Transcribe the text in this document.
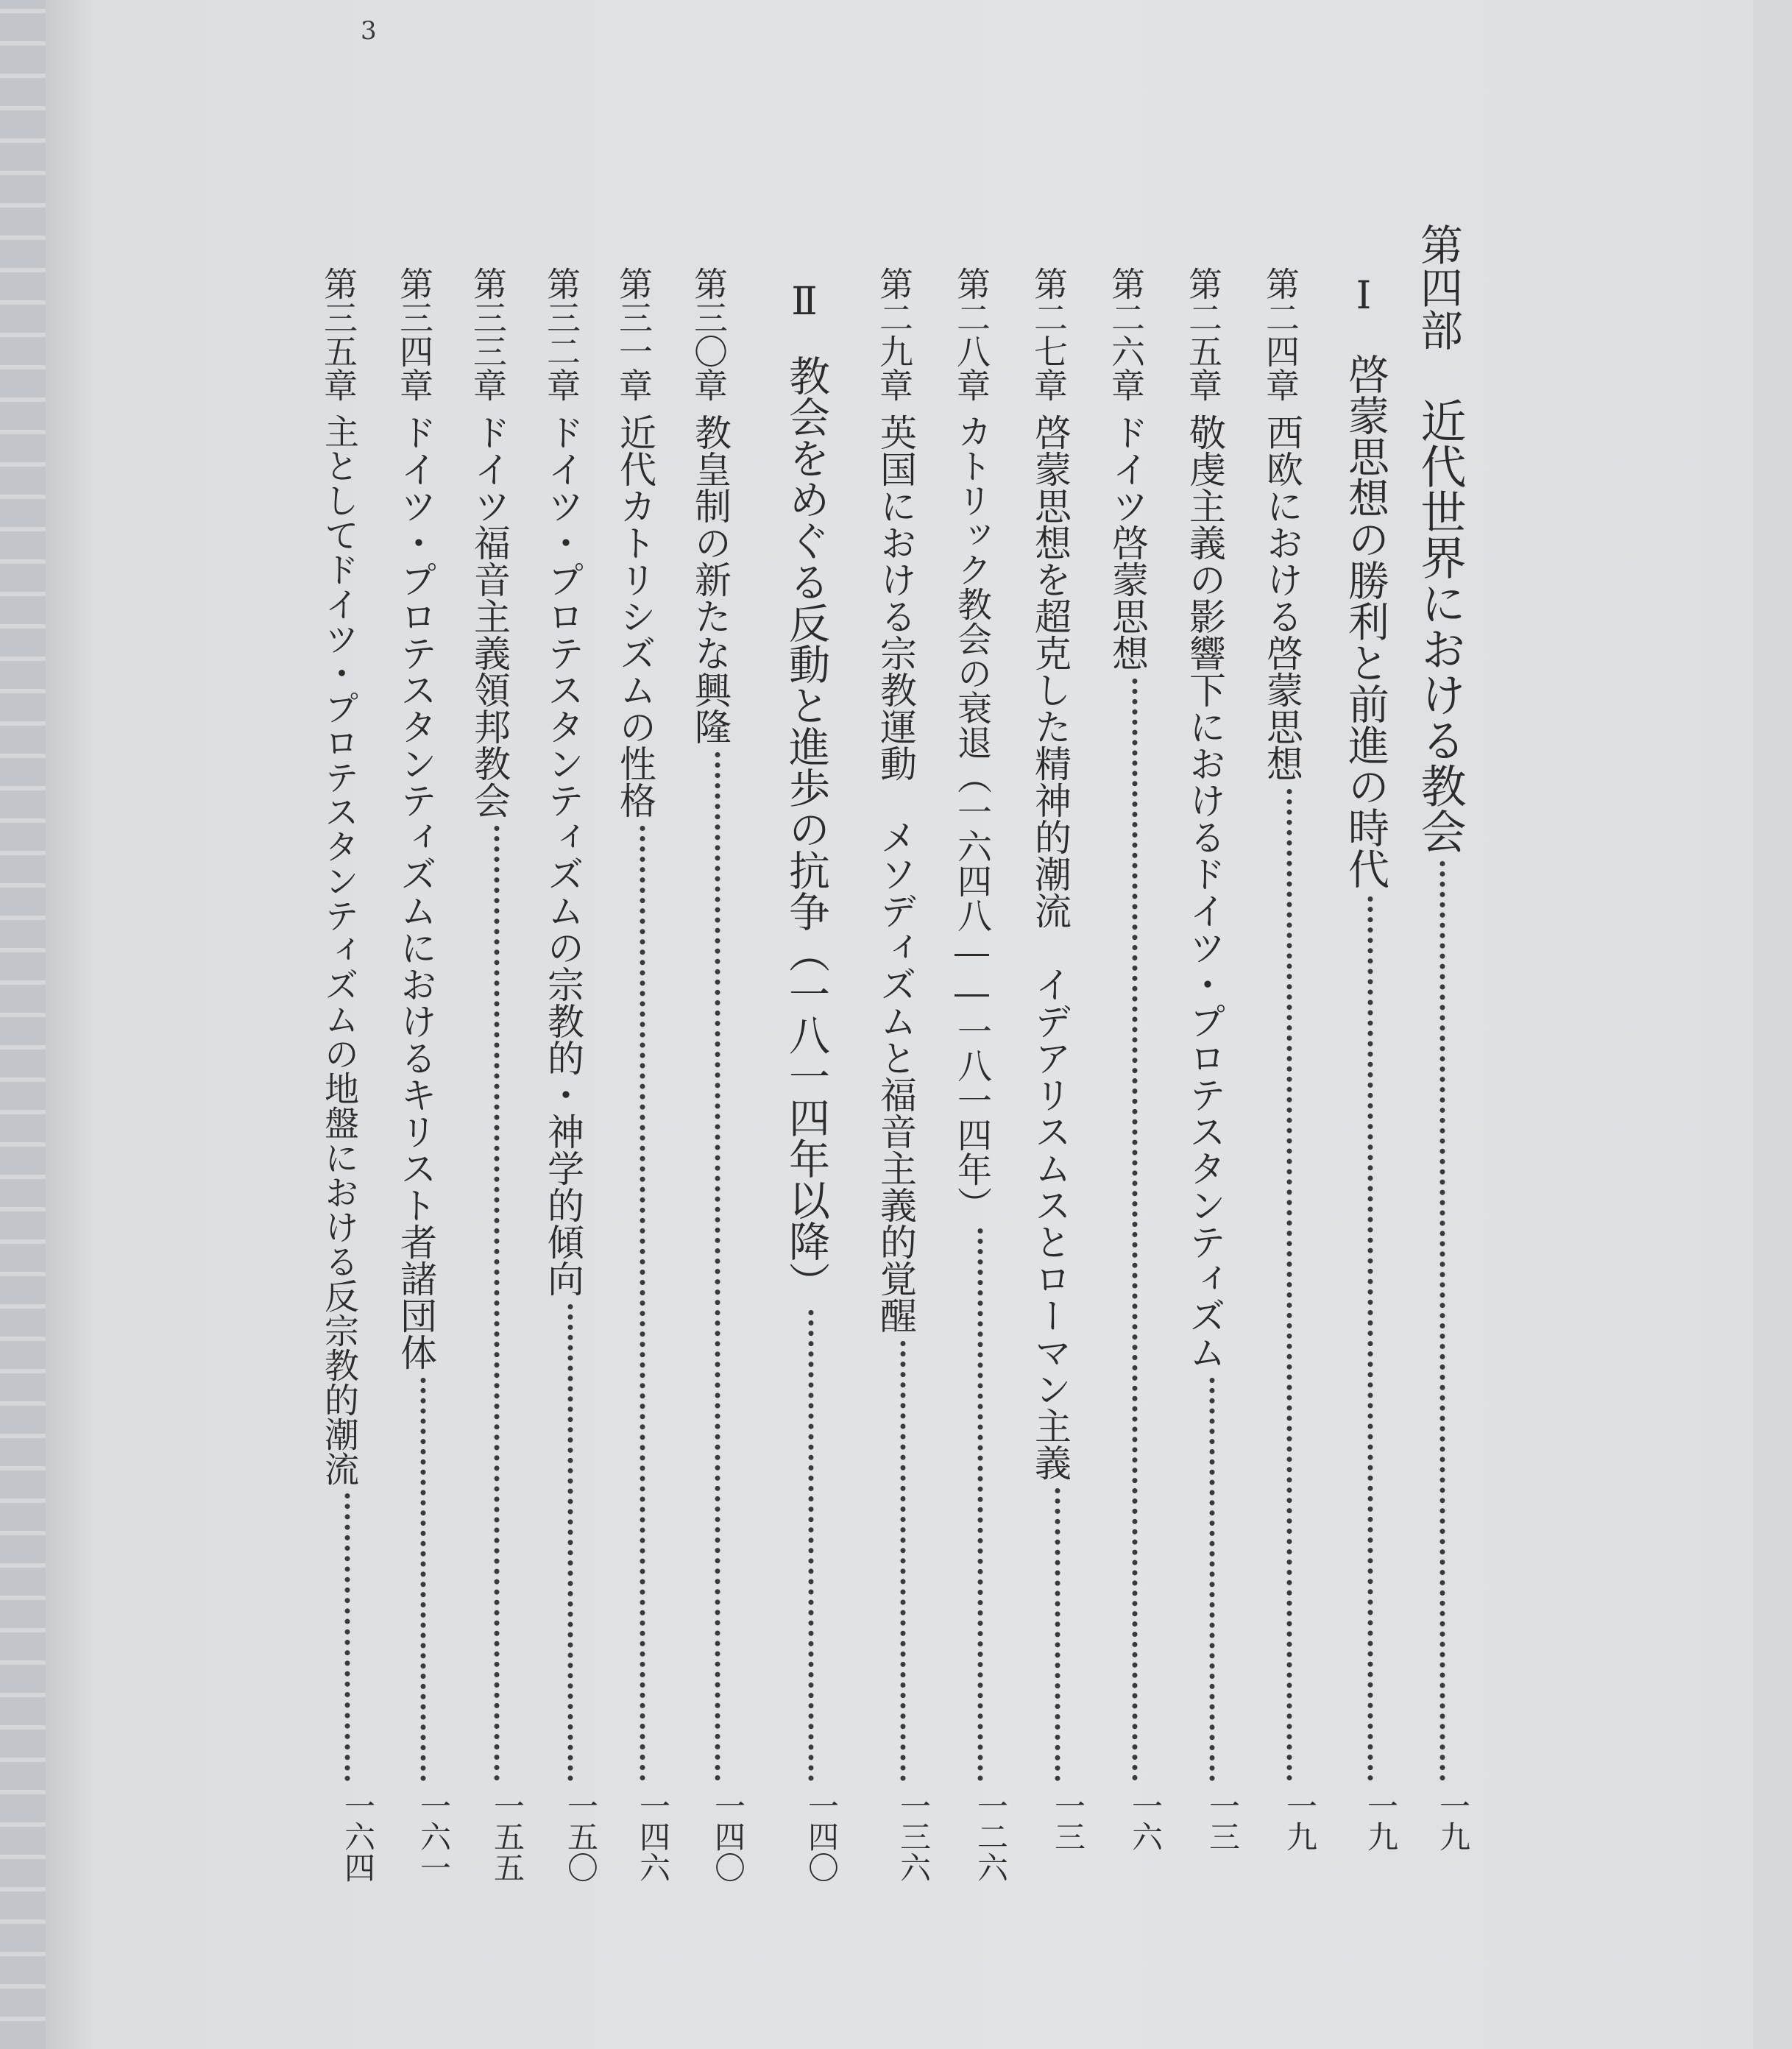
3

第四部
近代世界における教会
一九
Ⅰ
啓蒙思想の勝利と前進の時代
一九
第二四章
西欧における啓蒙思想
一九
第二五章
敬虔主義の影響下におけるドイツ・プロテスタンティズム
一三
第二六章
ドイツ啓蒙思想
一六
第二七章
啓蒙思想を超克した精神的潮流　イデアリスムスとローマン主義
一三
第二八章
カトリック教会の衰退（一六四八――一八一四年）
一二六
第二九章
英国における宗教運動　メソディズムと福音主義的覚醒
一三六
Ⅱ
教会をめぐる反動と進歩の抗争（一八一四年以降）
一四〇
第三〇章
教皇制の新たな興隆
一四〇
第三一章
近代カトリシズムの性格
一四六
第三二章
ドイツ・プロテスタンティズムの宗教的・神学的傾向
一五〇
第三三章
ドイツ福音主義領邦教会
一五五
第三四章
ドイツ・プロテスタンティズムにおけるキリスト者諸団体
一六一
第三五章
主としてドイツ・プロテスタンティズムの地盤における反宗教的潮流
一六四
